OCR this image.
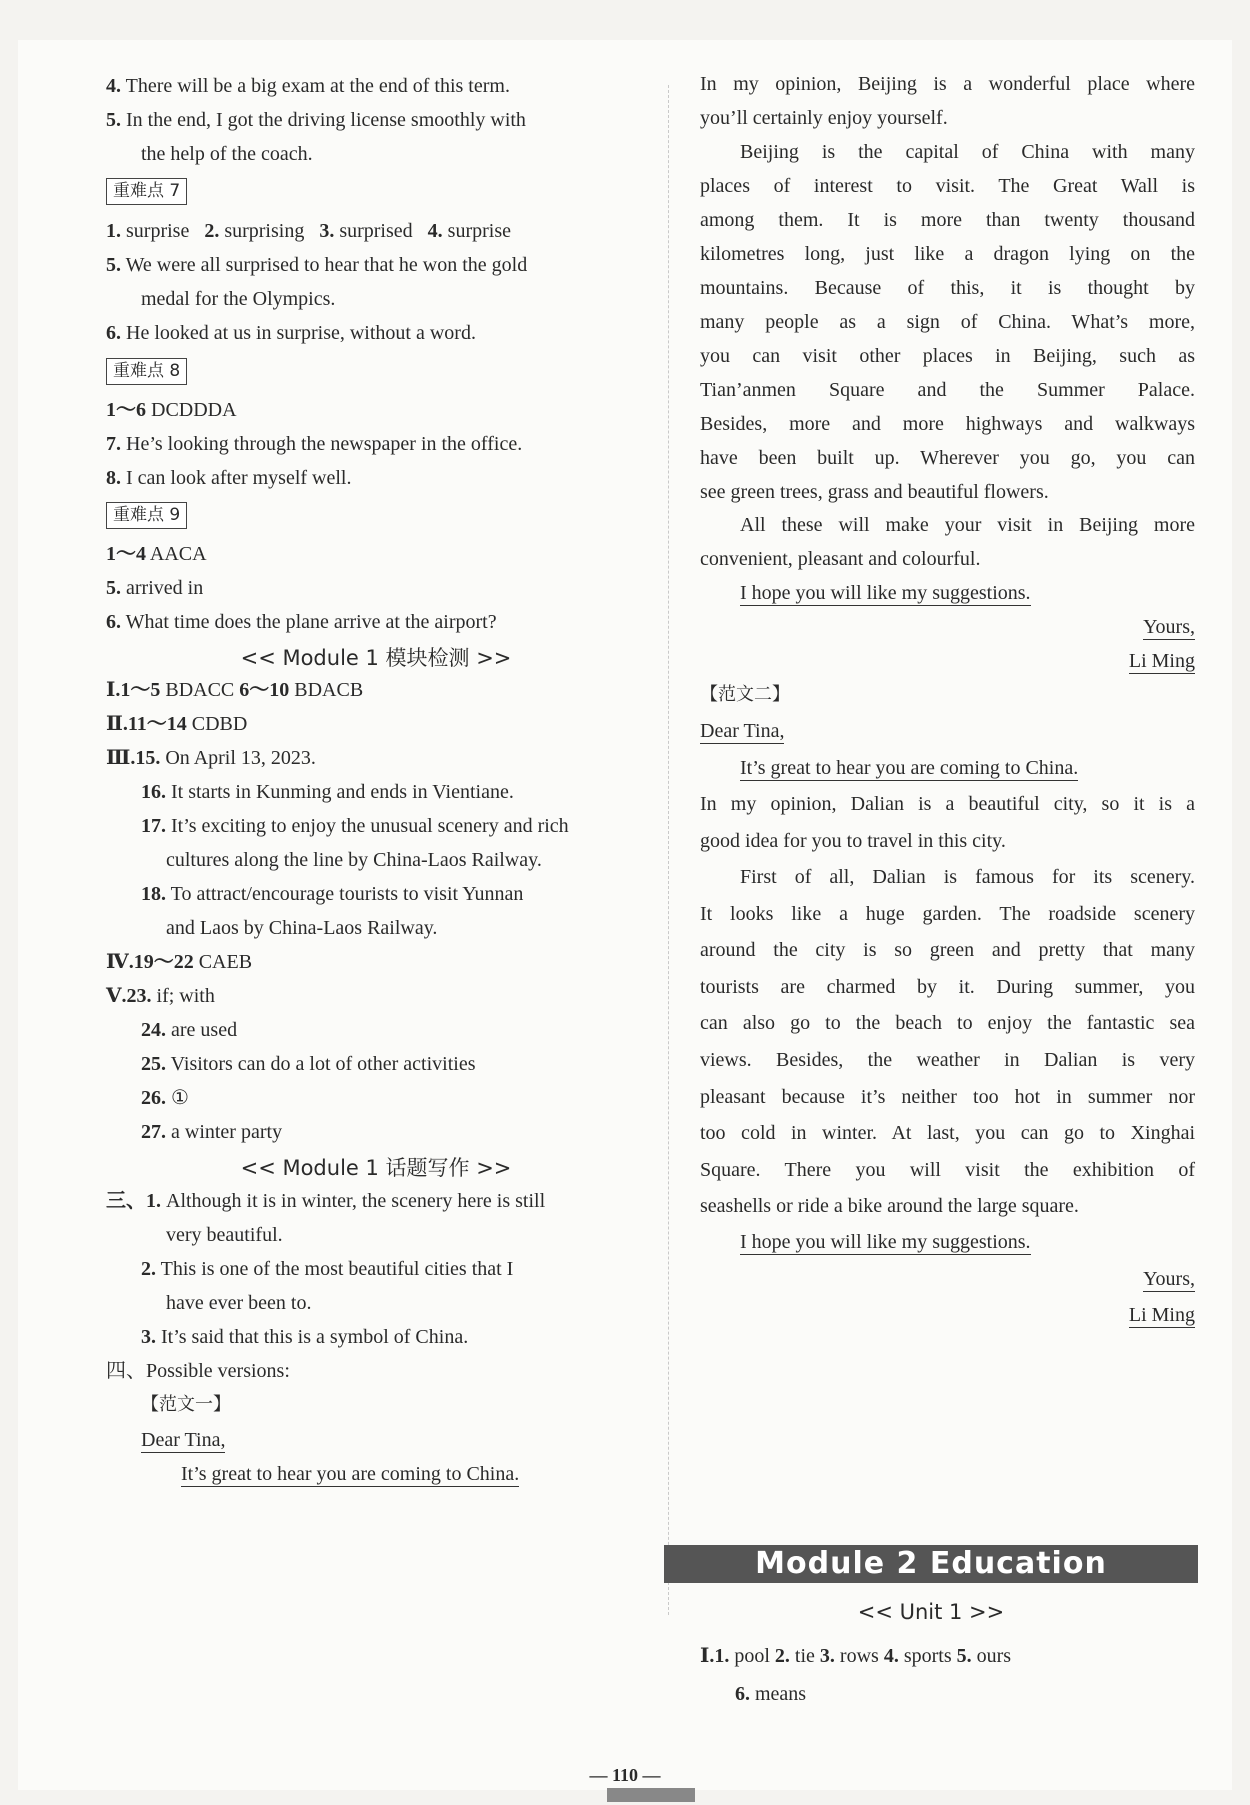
4. There will be a big exam at the end of this term.
5. In the end, I got the driving license smoothly with
the help of the coach.
重难点 7
1. surprise 2. surprising 3. surprised 4. surprise
5. We were all surprised to hear that he won the gold
medal for the Olympics.
6. He looked at us in surprise, without a word.
重难点 8
1～6 DCDDDA
7. He’s looking through the newspaper in the office.
8. I can look after myself well.
重难点 9
1～4 AACA
5. arrived in
6. What time does the plane arrive at the airport?
<< Module 1 模块检测 >>
Ⅰ.1～5 BDACC 6～10 BDACB
Ⅱ.11～14 CDBD
Ⅲ.15. On April 13, 2023.
16. It starts in Kunming and ends in Vientiane.
17. It’s exciting to enjoy the unusual scenery and rich
cultures along the line by China-Laos Railway.
18. To attract/encourage tourists to visit Yunnan
and Laos by China-Laos Railway.
Ⅳ.19～22 CAEB
Ⅴ.23. if; with
24. are used
25. Visitors can do a lot of other activities
26. ①
27. a winter party
<< Module 1 话题写作 >>
三、1. Although it is in winter, the scenery here is still
very beautiful.
2. This is one of the most beautiful cities that I
have ever been to.
3. It’s said that this is a symbol of China.
四、Possible versions:
【范文一】
Dear Tina,
It’s great to hear you are coming to China.
In my opinion, Beijing is a wonderful place where
you’ll certainly enjoy yourself.
Beijing is the capital of China with many
places of interest to visit. The Great Wall is
among them. It is more than twenty thousand
kilometres long, just like a dragon lying on the
mountains. Because of this, it is thought by
many people as a sign of China. What’s more,
you can visit other places in Beijing, such as
Tian’anmen Square and the Summer Palace.
Besides, more and more highways and walkways
have been built up. Wherever you go, you can
see green trees, grass and beautiful flowers.
All these will make your visit in Beijing more
convenient, pleasant and colourful.
I hope you will like my suggestions.
Yours,
Li Ming
【范文二】
Dear Tina,
It’s great to hear you are coming to China.
In my opinion, Dalian is a beautiful city, so it is a
good idea for you to travel in this city.
First of all, Dalian is famous for its scenery.
It looks like a huge garden. The roadside scenery
around the city is so green and pretty that many
tourists are charmed by it. During summer, you
can also go to the beach to enjoy the fantastic sea
views. Besides, the weather in Dalian is very
pleasant because it’s neither too hot in summer nor
too cold in winter. At last, you can go to Xinghai
Square. There you will visit the exhibition of
seashells or ride a bike around the large square.
I hope you will like my suggestions.
Yours,
Li Ming
Module 2 Education
<< Unit 1 >>
Ⅰ.1. pool 2. tie 3. rows 4. sports 5. ours
6. means
— 110 —
